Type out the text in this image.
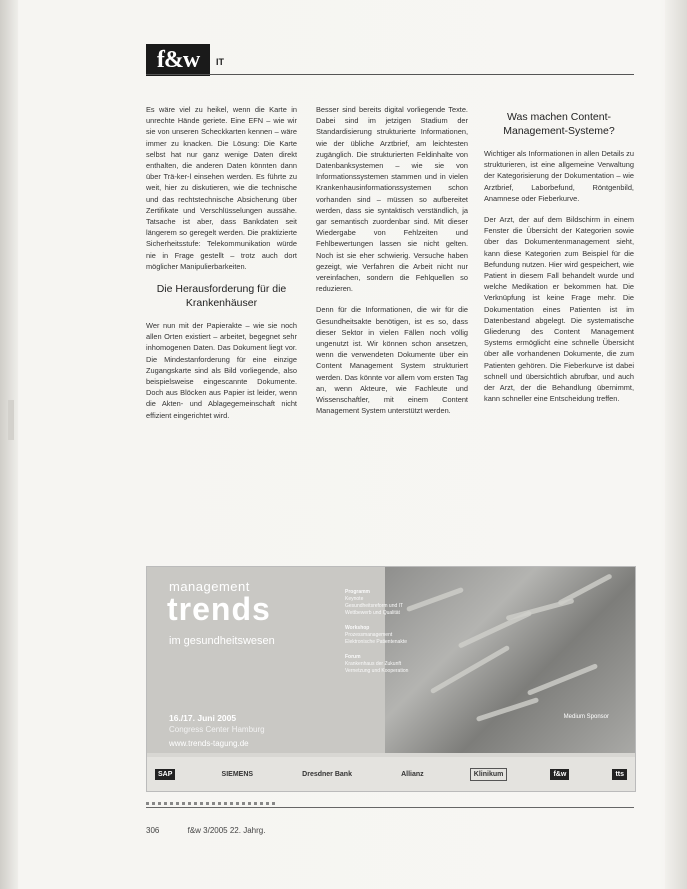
f&w	IT

Es wäre viel zu heikel, wenn die Karte in unrechte Hände geriete. Eine EFN – wie wir sie von unseren Scheckkarten kennen – wäre immer zu knacken. Die Lösung: Die Karte selbst hat nur ganz wenige Daten direkt enthalten, die anderen Daten könnten dann über Trä-ker-l einsehen werden. Es führte zu weit, hier zu diskutieren, wie die technische und das rechtstechnische Absicherung über Zertifikate und Verschlüsselungen aussähe. Tatsache ist aber, dass Bankdaten seit längerem so geregelt werden. Die praktizierte Sicherheitsstufe: Telekommunikation würde nie in Frage gestellt – trotz auch dort möglicher Manipulierbarkeiten.

Die Herausforderung für die Krankenhäuser

Wer nun mit der Papierakte – wie sie noch allen Orten existiert – arbeitet, begegnet sehr inhomogenen Daten. Das Dokument liegt vor. Die Mindestanforderung für eine einzige Zugangskarte sind als Bild vorliegende, also beispielsweise eingescannte Dokumente. Doch aus Blöcken aus Papier ist leider, wenn die Akten- und Ablagegemeinschaft nicht effizient eingerichtet wird.

Besser sind bereits digital vorliegende Texte. Dabei sind im jetzigen Stadium der Standardisierung strukturierte Informationen, wie der übliche Arztbrief, am leichtesten zugänglich. Die strukturierten Feldinhalte von Datenbanksystemen – wie sie von Informationssystemen stammen und in vielen Krankenhausinformationssystemen schon vorhanden sind – müssen so aufbereitet werden, dass sie syntaktisch verständlich, ja gar semantisch zuordenbar sind. Mit dieser Wiedergabe von Fehlzeiten und Fehlbewertungen lassen sie nicht gelten. Noch ist sie eher schwierig. Versuche haben gezeigt, wie Verfahren die Arbeit nicht nur vereinfachen, sondern die Fehlquellen so reduzieren.

Denn für die Informationen, die wir für die Gesundheitsakte benötigen, ist es so, dass dieser Sektor in vielen Fällen noch völlig ungenutzt ist. Wir können schon ansetzen, wenn die verwendeten Dokumente über ein Content Management System strukturiert werden. Das könnte vor allem vom ersten Tag an, wenn Akteure, wie Fachleute und Wissenschaftler, mit einem Content Management System unterstützt werden.

Was machen Content-Management-Systeme?

Wichtiger als Informationen in allen Details zu strukturieren, ist eine allgemeine Verwaltung der Kategorisierung der Dokumentation – wie Arztbrief, Laborbefund, Röntgenbild, Anamnese oder Fieberkurve.

Der Arzt, der auf dem Bildschirm in einem Fenster die Übersicht der Kategorien sowie über das Dokumentenmanagement sieht, kann diese Kategorien zum Beispiel für die Befundung nutzen. Hier wird gespeichert, wie Patient in diesem Fall behandelt wurde und welche Medikation er bekommen hat. Die Verknüpfung ist keine Frage mehr. Die Dokumentation eines Patienten ist im Datenbestand abgelegt. Die systematische Gliederung des Content Management Systems ermöglicht eine schnelle Übersicht über alle vorhandenen Dokumente, die zum Patienten gehören. Die Fieberkurve ist dabei schnell und übersichtlich abrufbar, und auch der Arzt, der die Behandlung übernimmt, kann schneller eine Entscheidung treffen.

management
trends
im gesundheitswesen
Programm
Keynote
Gesundheitsreform und IT
Wettbewerb und Qualität
Workshop
Prozessmanagement
Elektronische Patientenakte
Forum
Krankenhaus der Zukunft
Vernetzung und Kooperation
16./17. Juni 2005
Congress Center Hamburg
www.trends-tagung.de
Medium Sponsor
SAP	SIEMENS	Dresdner Bank	Allianz	Klinikum	f&w	tts
306	f&w 3/2005 22. Jahrg.
